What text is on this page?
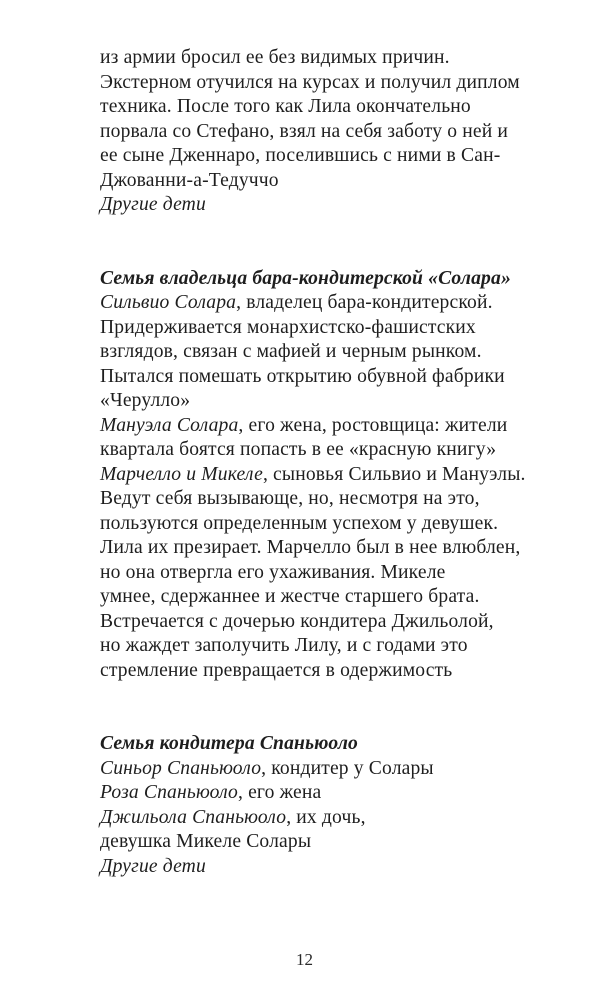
из армии бросил ее без видимых причин.
Экстерном отучился на курсах и получил диплом
техника. После того как Лила окончательно
порвала со Стефано, взял на себя заботу о ней и
ее сыне Дженнаро, поселившись с ними в Сан-
Джованни-а-Тедуччо
Другие дети
Семья владельца бара-кондитерской «Солара»
Сильвио Солара, владелец бара-кондитерской.
Придерживается монархистско-фашистских
взглядов, связан с мафией и черным рынком.
Пытался помешать открытию обувной фабрики
«Черулло»
Мануэла Солара, его жена, ростовщица: жители
квартала боятся попасть в ее «красную книгу»
Марчелло и Микеле, сыновья Сильвио и Мануэлы.
Ведут себя вызывающе, но, несмотря на это,
пользуются определенным успехом у девушек.
Лила их презирает. Марчелло был в нее влюблен,
но она отвергла его ухаживания. Микеле
умнее, сдержаннее и жестче старшего брата.
Встречается с дочерью кондитера Джильолой,
но жаждет заполучить Лилу, и с годами это
стремление превращается в одержимость
Семья кондитера Спаньюоло
Синьор Спаньюоло, кондитер у Солары
Роза Спаньюоло, его жена
Джильола Спаньюоло, их дочь,
девушка Микеле Солары
Другие дети
12
